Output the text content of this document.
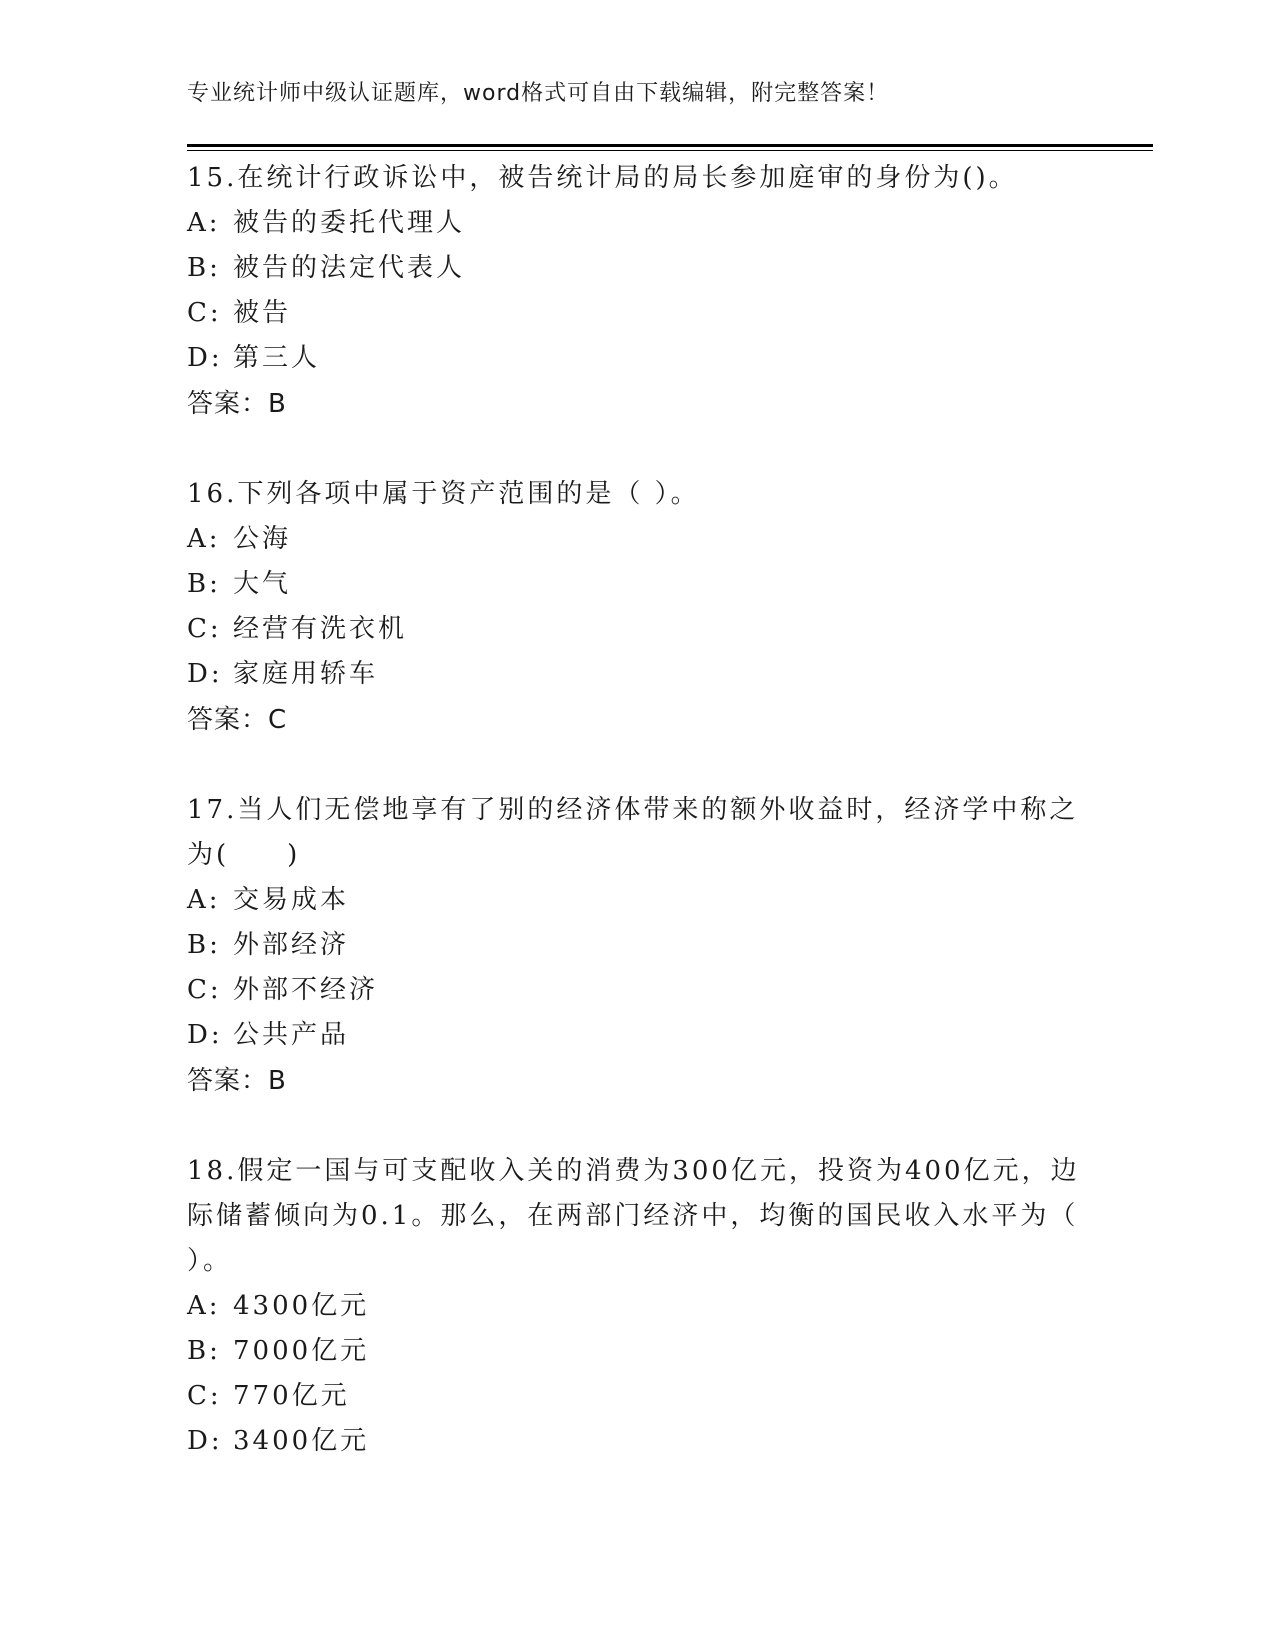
专业统计师中级认证题库，word格式可自由下载编辑，附完整答案！

15.在统计行政诉讼中，被告统计局的局长参加庭审的身份为()。

A: 被告的委托代理人

B: 被告的法定代表人

C: 被告

D: 第三人

答案：B

16.下列各项中属于资产范围的是（ ）。

A: 公海

B: 大气

C: 经营有洗衣机

D: 家庭用轿车

答案：C

17.当人们无偿地享有了别的经济体带来的额外收益时，经济学中称之为(　　)

A: 交易成本

B: 外部经济

C: 外部不经济

D: 公共产品

答案：B

18.假定一国与可支配收入关的消费为300亿元，投资为400亿元，边际储蓄倾向为0.1。那么，在两部门经济中，均衡的国民收入水平为（ ）。

A: 4300亿元

B: 7000亿元

C: 770亿元

D: 3400亿元
